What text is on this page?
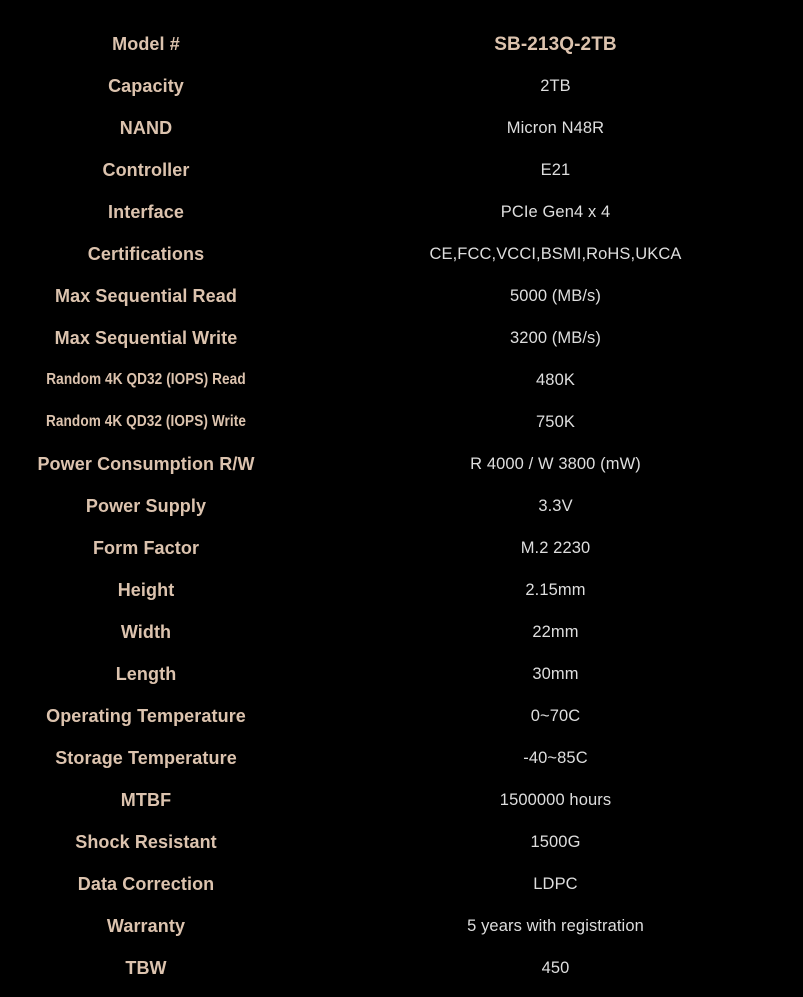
Model #	SB-213Q-2TB
Capacity	2TB
NAND	Micron N48R
Controller	E21
Interface	PCIe Gen4 x 4
Certifications	CE,FCC,VCCI,BSMI,RoHS,UKCA
Max Sequential Read	5000 (MB/s)
Max Sequential Write	3200 (MB/s)
Random 4K QD32 (IOPS) Read	480K
Random 4K QD32 (IOPS) Write	750K
Power Consumption R/W	R 4000 / W 3800 (mW)
Power Supply	3.3V
Form Factor	M.2 2230
Height	2.15mm
Width	22mm
Length	30mm
Operating Temperature	0~70C
Storage Temperature	-40~85C
MTBF	1500000 hours
Shock Resistant	1500G
Data Correction	LDPC
Warranty	5 years with registration
TBW	450
